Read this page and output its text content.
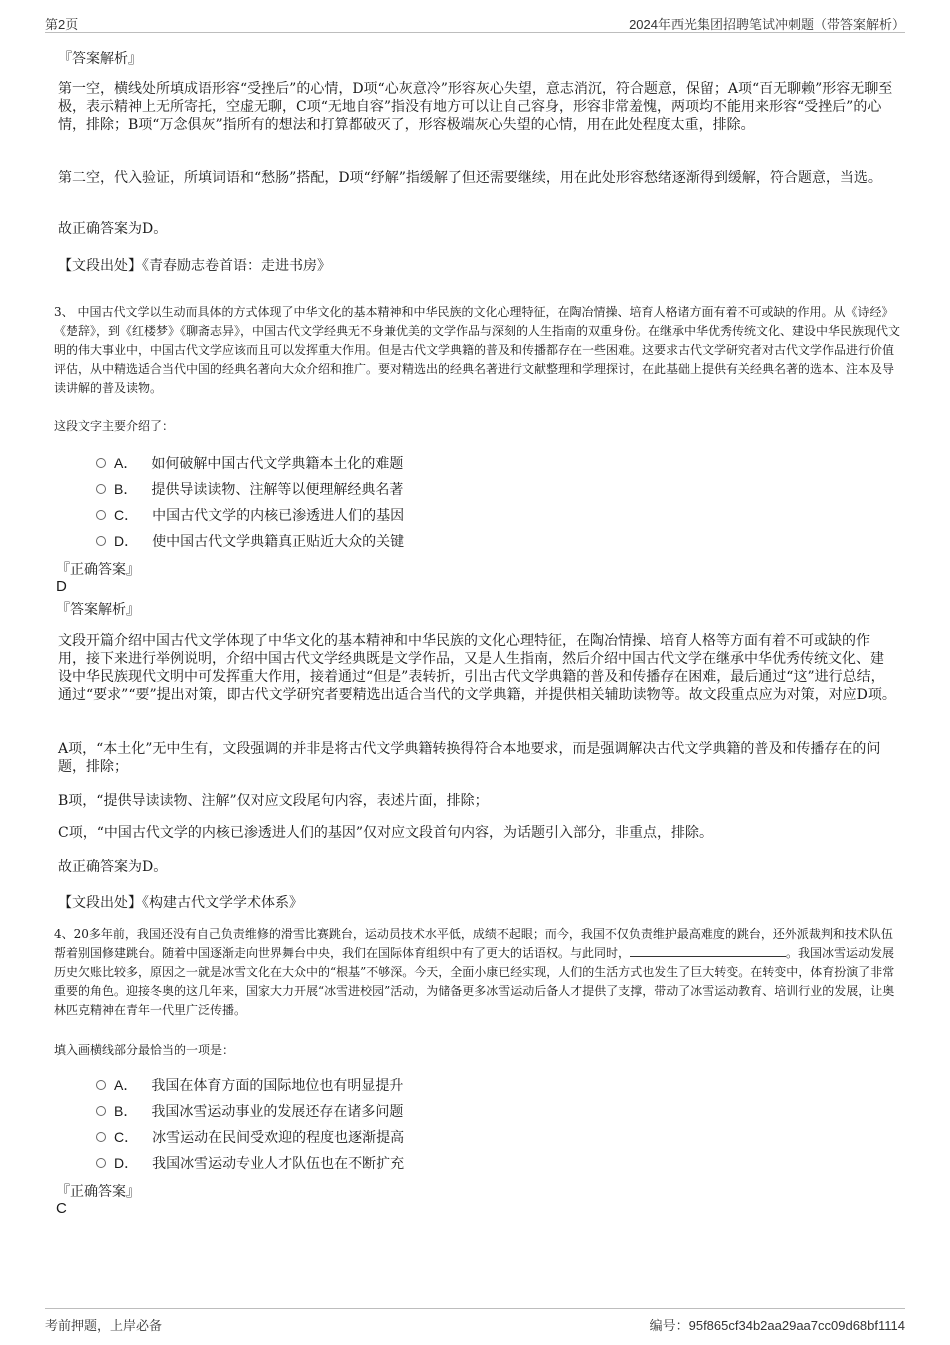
第2页	2024年西光集团招聘笔试冲刺题（带答案解析）
『答案解析』

第一空，横线处所填成语形容“受挫后”的心情，D项“心灰意冷”形容灰心失望，意志消沉，符合题意，保留；A项“百无聊赖”形容无聊至极，表示精神上无所寄托，空虚无聊，C项“无地自容”指没有地方可以让自己容身，形容非常羞愧，两项均不能用来形容“受挫后”的心情，排除；B项“万念俱灰”指所有的想法和打算都破灭了，形容极端灰心失望的心情，用在此处程度太重，排除。

第二空，代入验证，所填词语和“愁肠”搭配，D项“纾解”指缓解了但还需要继续，用在此处形容愁绪逐渐得到缓解，符合题意，当选。

故正确答案为D。

【文段出处】《青春励志卷首语：走进书房》

3、 中国古代文学以生动而具体的方式体现了中华文化的基本精神和中华民族的文化心理特征，在陶冶情操、培育人格诸方面有着不可或缺的作用。从《诗经》《楚辞》，到《红楼梦》《聊斋志异》，中国古代文学经典无不身兼优美的文学作品与深刻的人生指南的双重身份。在继承中华优秀传统文化、建设中华民族现代文明的伟大事业中，中国古代文学应该而且可以发挥重大作用。但是古代文学典籍的普及和传播都存在一些困难。这要求古代文学研究者对古代文学作品进行价值评估，从中精选适合当代中国的经典名著向大众介绍和推广。要对精选出的经典名著进行文献整理和学理探讨，在此基础上提供有关经典名著的选本、注本及导读讲解的普及读物。

这段文字主要介绍了：
A． 如何破解中国古代文学典籍本土化的难题
B． 提供导读读物、注解等以便理解经典名著
C． 中国古代文学的内核已渗透进人们的基因
D． 使中国古代文学典籍真正贴近大众的关键
『正确答案』
D
『答案解析』

文段开篇介绍中国古代文学体现了中华文化的基本精神和中华民族的文化心理特征，在陶冶情操、培育人格等方面有着不可或缺的作用，接下来进行举例说明，介绍中国古代文学经典既是文学作品，又是人生指南，然后介绍中国古代文学在继承中华优秀传统文化、建设中华民族现代文明中可发挥重大作用，接着通过“但是”表转折，引出古代文学典籍的普及和传播存在困难，最后通过“这”进行总结，通过“要求”“要”提出对策，即古代文学研究者要精选出适合当代的文学典籍，并提供相关辅助读物等。故文段重点应为对策，对应D项。

A项，“本土化”无中生有，文段强调的并非是将古代文学典籍转换得符合本地要求，而是强调解决古代文学典籍的普及和传播存在的问题，排除；

B项，“提供导读读物、注解”仅对应文段尾句内容，表述片面，排除；

C项，“中国古代文学的内核已渗透进人们的基因”仅对应文段首句内容，为话题引入部分，非重点，排除。

故正确答案为D。

【文段出处】《构建古代文学学术体系》

4、20多年前，我国还没有自己负责维修的滑雪比赛跳台，运动员技术水平低，成绩不起眼；而今，我国不仅负责维护最高难度的跳台，还外派裁判和技术队伍帮着别国修建跳台。随着中国逐渐走向世界舞台中央，我们在国际体育组织中有了更大的话语权。与此同时，	。我国冰雪运动发展历史欠账比较多，原因之一就是冰雪文化在大众中的“根基”不够深。今天，全面小康已经实现，人们的生活方式也发生了巨大转变。在转变中，体育扮演了非常重要的角色。迎接冬奥的这几年来，国家大力开展“冰雪进校园”活动，为储备更多冰雪运动后备人才提供了支撑，带动了冰雪运动教育、培训行业的发展，让奥林匹克精神在青年一代里广泛传播。

填入画横线部分最恰当的一项是：
A． 我国在体育方面的国际地位也有明显提升
B． 我国冰雪运动事业的发展还存在诸多问题
C． 冰雪运动在民间受欢迎的程度也逐渐提高
D． 我国冰雪运动专业人才队伍也在不断扩充
『正确答案』
C
考前押题，上岸必备	编号：95f865cf34b2aa29aa7cc09d68bf1114
